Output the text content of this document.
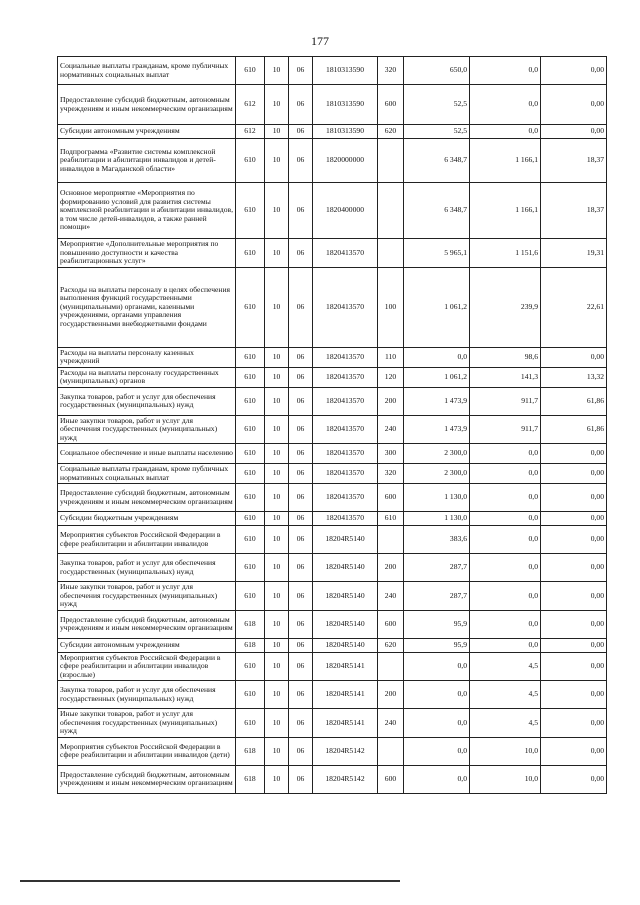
177
Социальные выплаты гражданам, кроме публичных нормативных социальных выплат	610	10	06	1810313590	320	650,0	0,0	0,00
Предоставление субсидий бюджетным, автономным учреждениям и иным некоммерческим организациям	612	10	06	1810313590	600	52,5	0,0	0,00
Субсидии автономным учреждениям	612	10	06	1810313590	620	52,5	0,0	0,00
Подпрограмма «Развитие системы комплексной реабилитации и абилитации инвалидов и детей-инвалидов в Магаданской области»	610	10	06	1820000000		6 348,7	1 166,1	18,37
Основное мероприятие «Мероприятия по формированию условий для развития системы комплексной реабилитации и абилитации инвалидов, в том числе детей-инвалидов, а также ранней помощи»	610	10	06	1820400000		6 348,7	1 166,1	18,37
Мероприятие «Дополнительные мероприятия по повышению доступности и качества реабилитационных услуг»	610	10	06	1820413570		5 965,1	1 151,6	19,31
Расходы на выплаты персоналу в целях обеспечения выполнения функций государственными (муниципальными) органами, казенными учреждениями, органами управления государственными внебюджетными фондами	610	10	06	1820413570	100	1 061,2	239,9	22,61
Расходы на выплаты персоналу казенных учреждений	610	10	06	1820413570	110	0,0	98,6	0,00
Расходы на выплаты персоналу государственных (муниципальных) органов	610	10	06	1820413570	120	1 061,2	141,3	13,32
Закупка товаров, работ и услуг для обеспечения государственных (муниципальных) нужд	610	10	06	1820413570	200	1 473,9	911,7	61,86
Иные закупки товаров, работ и услуг для обеспечения государственных (муниципальных) нужд	610	10	06	1820413570	240	1 473,9	911,7	61,86
Социальное обеспечение и иные выплаты населению	610	10	06	1820413570	300	2 300,0	0,0	0,00
Социальные выплаты гражданам, кроме публичных нормативных социальных выплат	610	10	06	1820413570	320	2 300,0	0,0	0,00
Предоставление субсидий бюджетным, автономным учреждениям и иным некоммерческим организациям	610	10	06	1820413570	600	1 130,0	0,0	0,00
Субсидии бюджетным учреждениям	610	10	06	1820413570	610	1 130,0	0,0	0,00
Мероприятия субъектов Российской Федерации в сфере реабилитации и абилитации инвалидов	610	10	06	18204R5140		383,6	0,0	0,00
Закупка товаров, работ и услуг для обеспечения государственных (муниципальных) нужд	610	10	06	18204R5140	200	287,7	0,0	0,00
Иные закупки товаров, работ и услуг для обеспечения государственных (муниципальных) нужд	610	10	06	18204R5140	240	287,7	0,0	0,00
Предоставление субсидий бюджетным, автономным учреждениям и иным некоммерческим организациям	618	10	06	18204R5140	600	95,9	0,0	0,00
Субсидии автономным учреждениям	618	10	06	18204R5140	620	95,9	0,0	0,00
Мероприятия субъектов Российской Федерации в сфере реабилитации и абилитации инвалидов (взрослые)	610	10	06	18204R5141		0,0	4,5	0,00
Закупка товаров, работ и услуг для обеспечения государственных (муниципальных) нужд	610	10	06	18204R5141	200	0,0	4,5	0,00
Иные закупки товаров, работ и услуг для обеспечения государственных (муниципальных) нужд	610	10	06	18204R5141	240	0,0	4,5	0,00
Мероприятия субъектов Российской Федерации в сфере реабилитации и абилитации инвалидов (дети)	618	10	06	18204R5142		0,0	10,0	0,00
Предоставление субсидий бюджетным, автономным учреждениям и иным некоммерческим организациям	618	10	06	18204R5142	600	0,0	10,0	0,00
